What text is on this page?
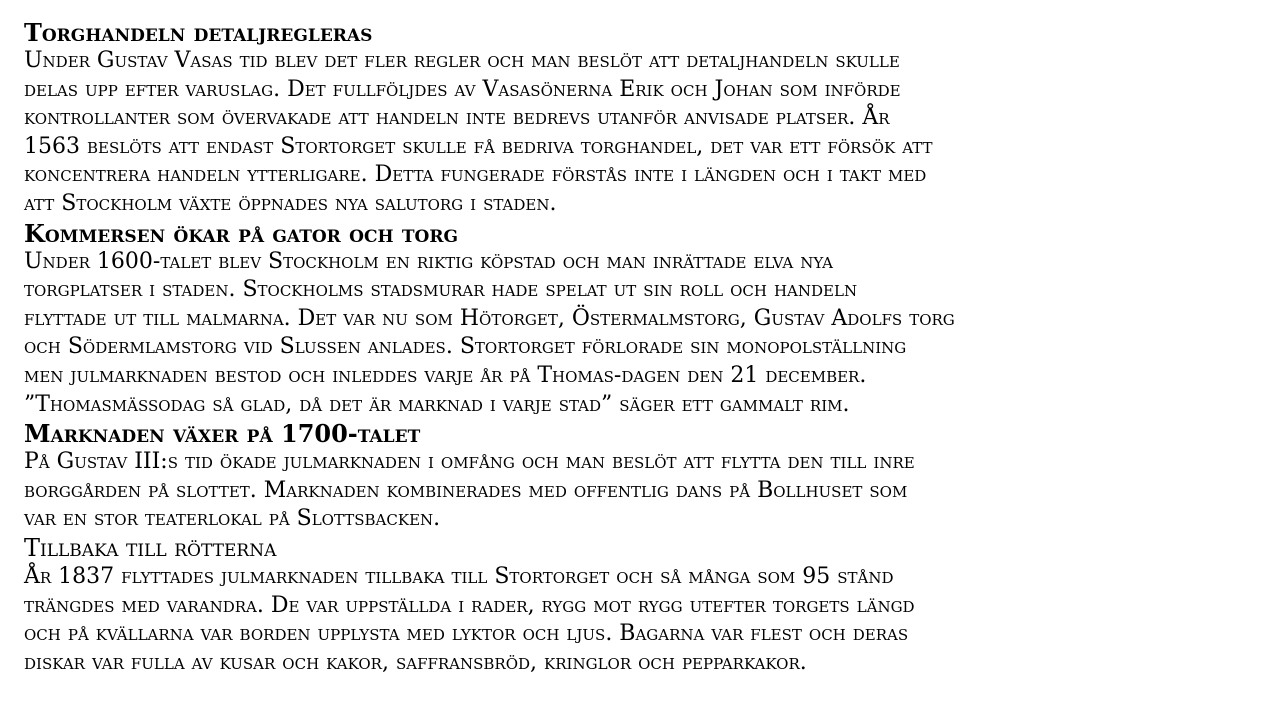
Torghandeln detaljregleras

Under Gustav Vasas tid blev det fler regler och man beslöt att detaljhandeln skulle

delas upp efter varuslag. Det fullföljdes av Vasasönerna Erik och Johan som införde

kontrollanter som övervakade att handeln inte bedrevs utanför anvisade platser. År

1563 beslöts att endast Stortorget skulle få bedriva torghandel, det var ett försök att

koncentrera handeln ytterligare. Detta fungerade förstås inte i längden och i takt med

att Stockholm växte öppnades nya salutorg i staden.

Kommersen ökar på gator och torg

Under 1600-talet blev Stockholm en riktig köpstad och man inrättade elva nya

torgplatser i staden. Stockholms stadsmurar hade spelat ut sin roll och handeln

flyttade ut till malmarna. Det var nu som Hötorget, Östermalmstorg, Gustav Adolfs torg

och Södermlamstorg vid Slussen anlades. Stortorget förlorade sin monopolställning

men julmarknaden bestod och inleddes varje år på Thomas-dagen den 21 december.

”Thomasmässodag så glad, då det är marknad i varje stad” säger ett gammalt rim.

Marknaden växer på 1700-talet

På Gustav III:s tid ökade julmarknaden i omfång och man beslöt att flytta den till inre

borggården på slottet. Marknaden kombinerades med offentlig dans på Bollhuset som

var en stor teaterlokal på Slottsbacken.

Tillbaka till rötterna

År 1837 flyttades julmarknaden tillbaka till Stortorget och så många som 95 stånd

trängdes med varandra. De var uppställda i rader, rygg mot rygg utefter torgets längd

och på kvällarna var borden upplysta med lyktor och ljus. Bagarna var flest och deras

diskar var fulla av kusar och kakor, saffransbröd, kringlor och pepparkakor.
